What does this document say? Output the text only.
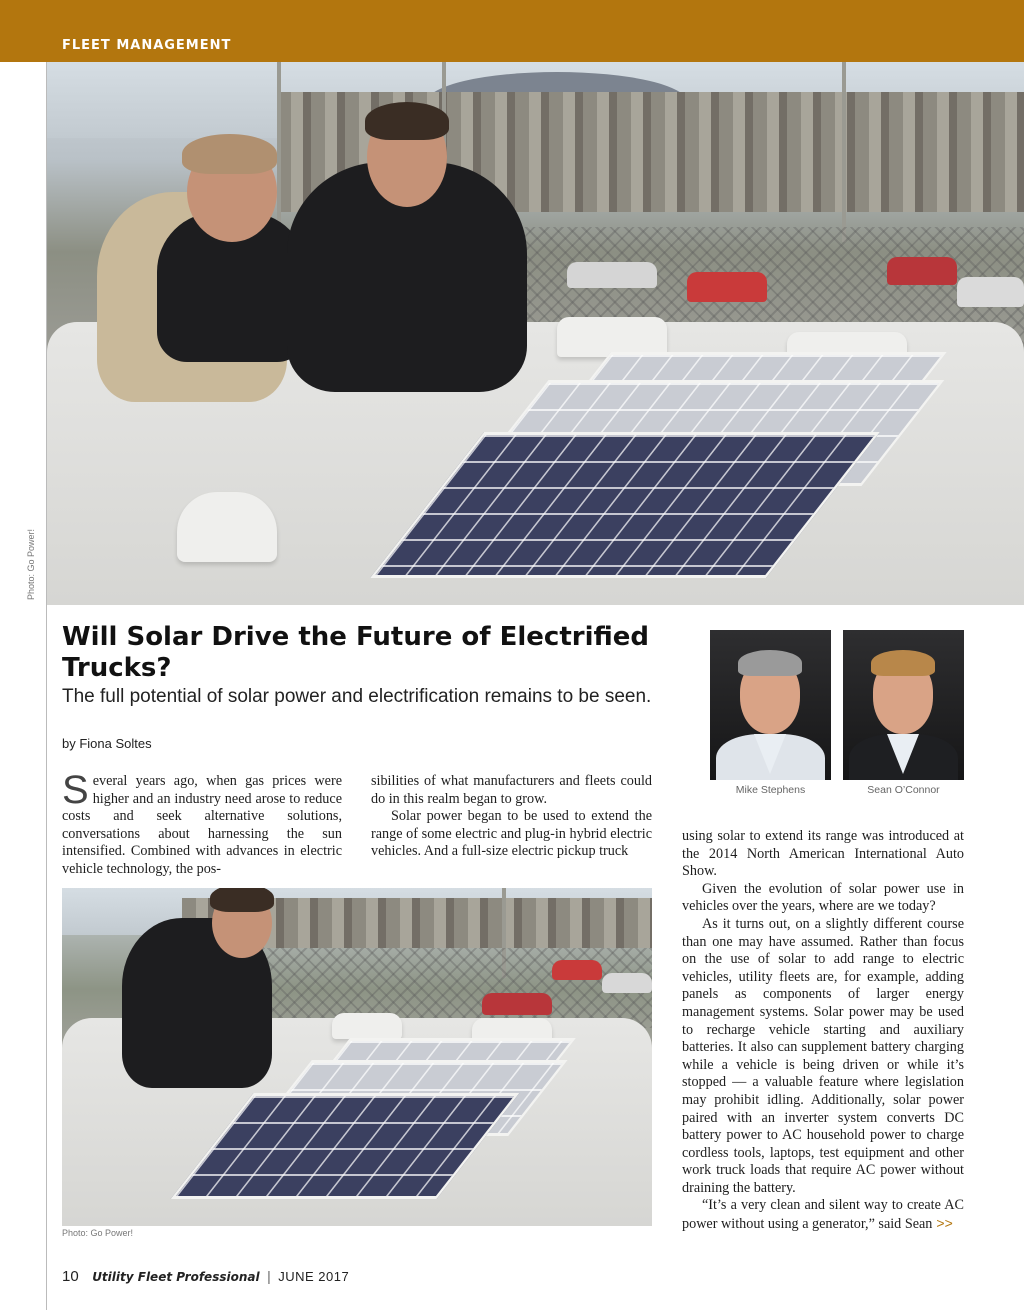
FLEET MANAGEMENT
Photo: Go Power!
Will Solar Drive the Future of Electrified Trucks?
The full potential of solar power and electrification remains to be seen.
by Fiona Soltes

Several years ago, when gas prices were higher and an industry need arose to reduce costs and seek alternative solutions, conversations about harnessing the sun intensified. Combined with advances in electric vehicle technology, the pos-

sibilities of what manufacturers and fleets could do in this realm began to grow.

Solar power began to be used to extend the range of some electric and plug-in hybrid electric vehicles. And a full-size electric pickup truck

Mike Stephens	Sean O’Connor

using solar to extend its range was introduced at the 2014 North American International Auto Show.

Given the evolution of solar power use in vehicles over the years, where are we today?

As it turns out, on a slightly different course than one may have assumed. Rather than focus on the use of solar to add range to electric vehicles, utility fleets are, for example, adding panels as components of larger energy management systems. Solar power may be used to recharge vehicle starting and auxiliary batteries. It also can supplement battery charging while a vehicle is being driven or while it’s stopped — a valuable feature where legislation may prohibit idling. Additionally, solar power paired with an inverter system converts DC battery power to AC household power to charge cordless tools, laptops, test equipment and other work truck loads that require AC power without draining the battery.

“It’s a very clean and silent way to create AC power without using a generator,” said Sean >>

Photo: Go Power!
10 Utility Fleet Professional | JUNE 2017
